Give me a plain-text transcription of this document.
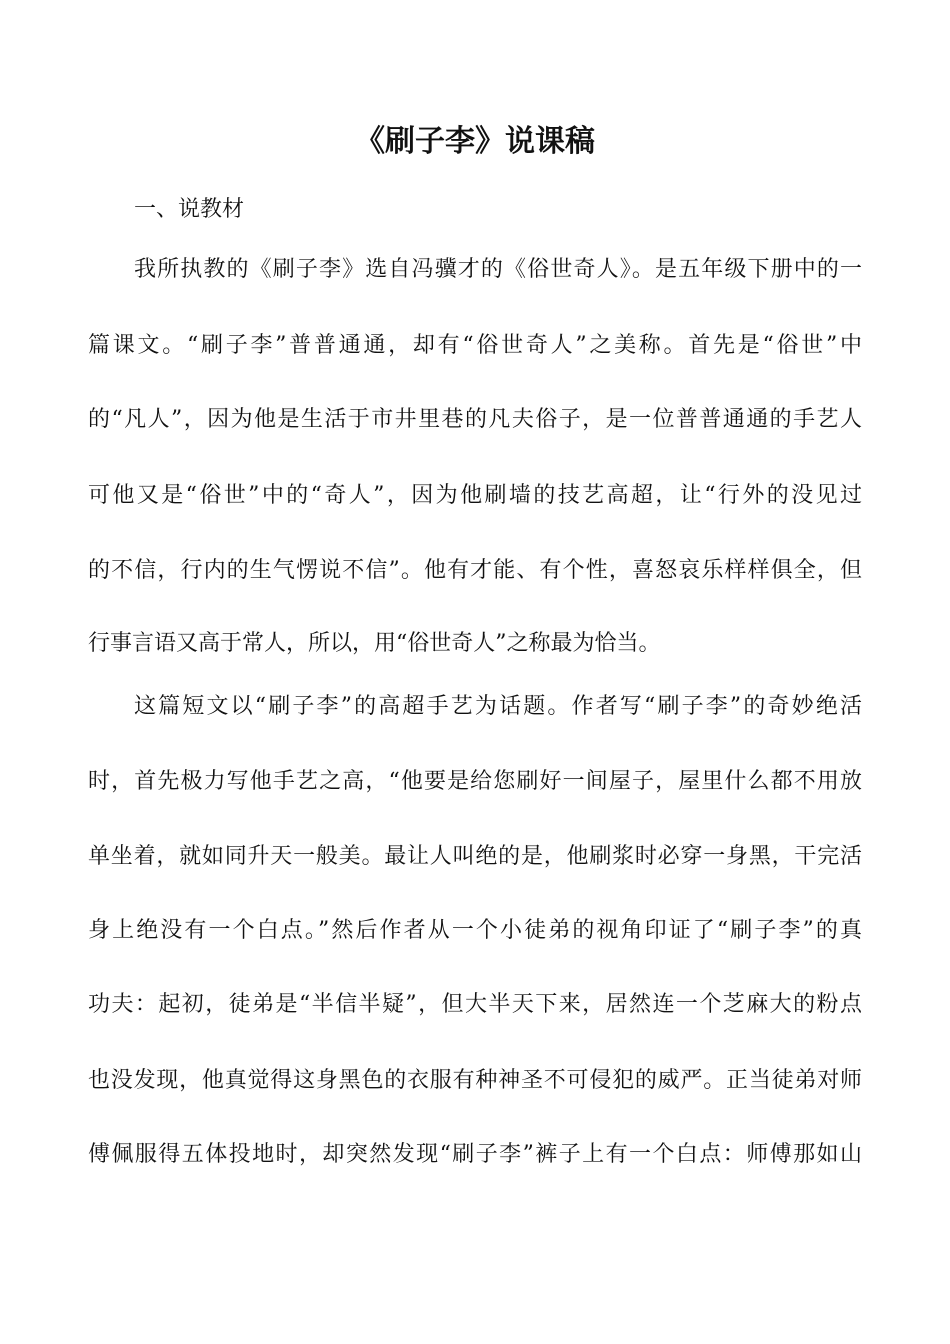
《刷子李》说课稿
一、说教材
我所执教的《刷子李》选自冯骥才的《俗世奇人》。是五年级下册中的一
篇课文。“刷子李”普普通通，却有“俗世奇人”之美称。首先是“俗世”中
的“凡人”，因为他是生活于市井里巷的凡夫俗子，是一位普普通通的手艺人
可他又是“俗世”中的“奇人”，因为他刷墙的技艺高超，让“行外的没见过
的不信，行内的生气愣说不信”。他有才能、有个性，喜怒哀乐样样俱全，但
行事言语又高于常人，所以，用“俗世奇人”之称最为恰当。
这篇短文以“刷子李”的高超手艺为话题。作者写“刷子李”的奇妙绝活
时，首先极力写他手艺之高，“他要是给您刷好一间屋子，屋里什么都不用放
单坐着，就如同升天一般美。最让人叫绝的是，他刷浆时必穿一身黑，干完活
身上绝没有一个白点。”然后作者从一个小徒弟的视角印证了“刷子李”的真
功夫：起初，徒弟是“半信半疑”，但大半天下来，居然连一个芝麻大的粉点
也没发现，他真觉得这身黑色的衣服有种神圣不可侵犯的威严。正当徒弟对师
傅佩服得五体投地时，却突然发现“刷子李”裤子上有一个白点：师傅那如山
